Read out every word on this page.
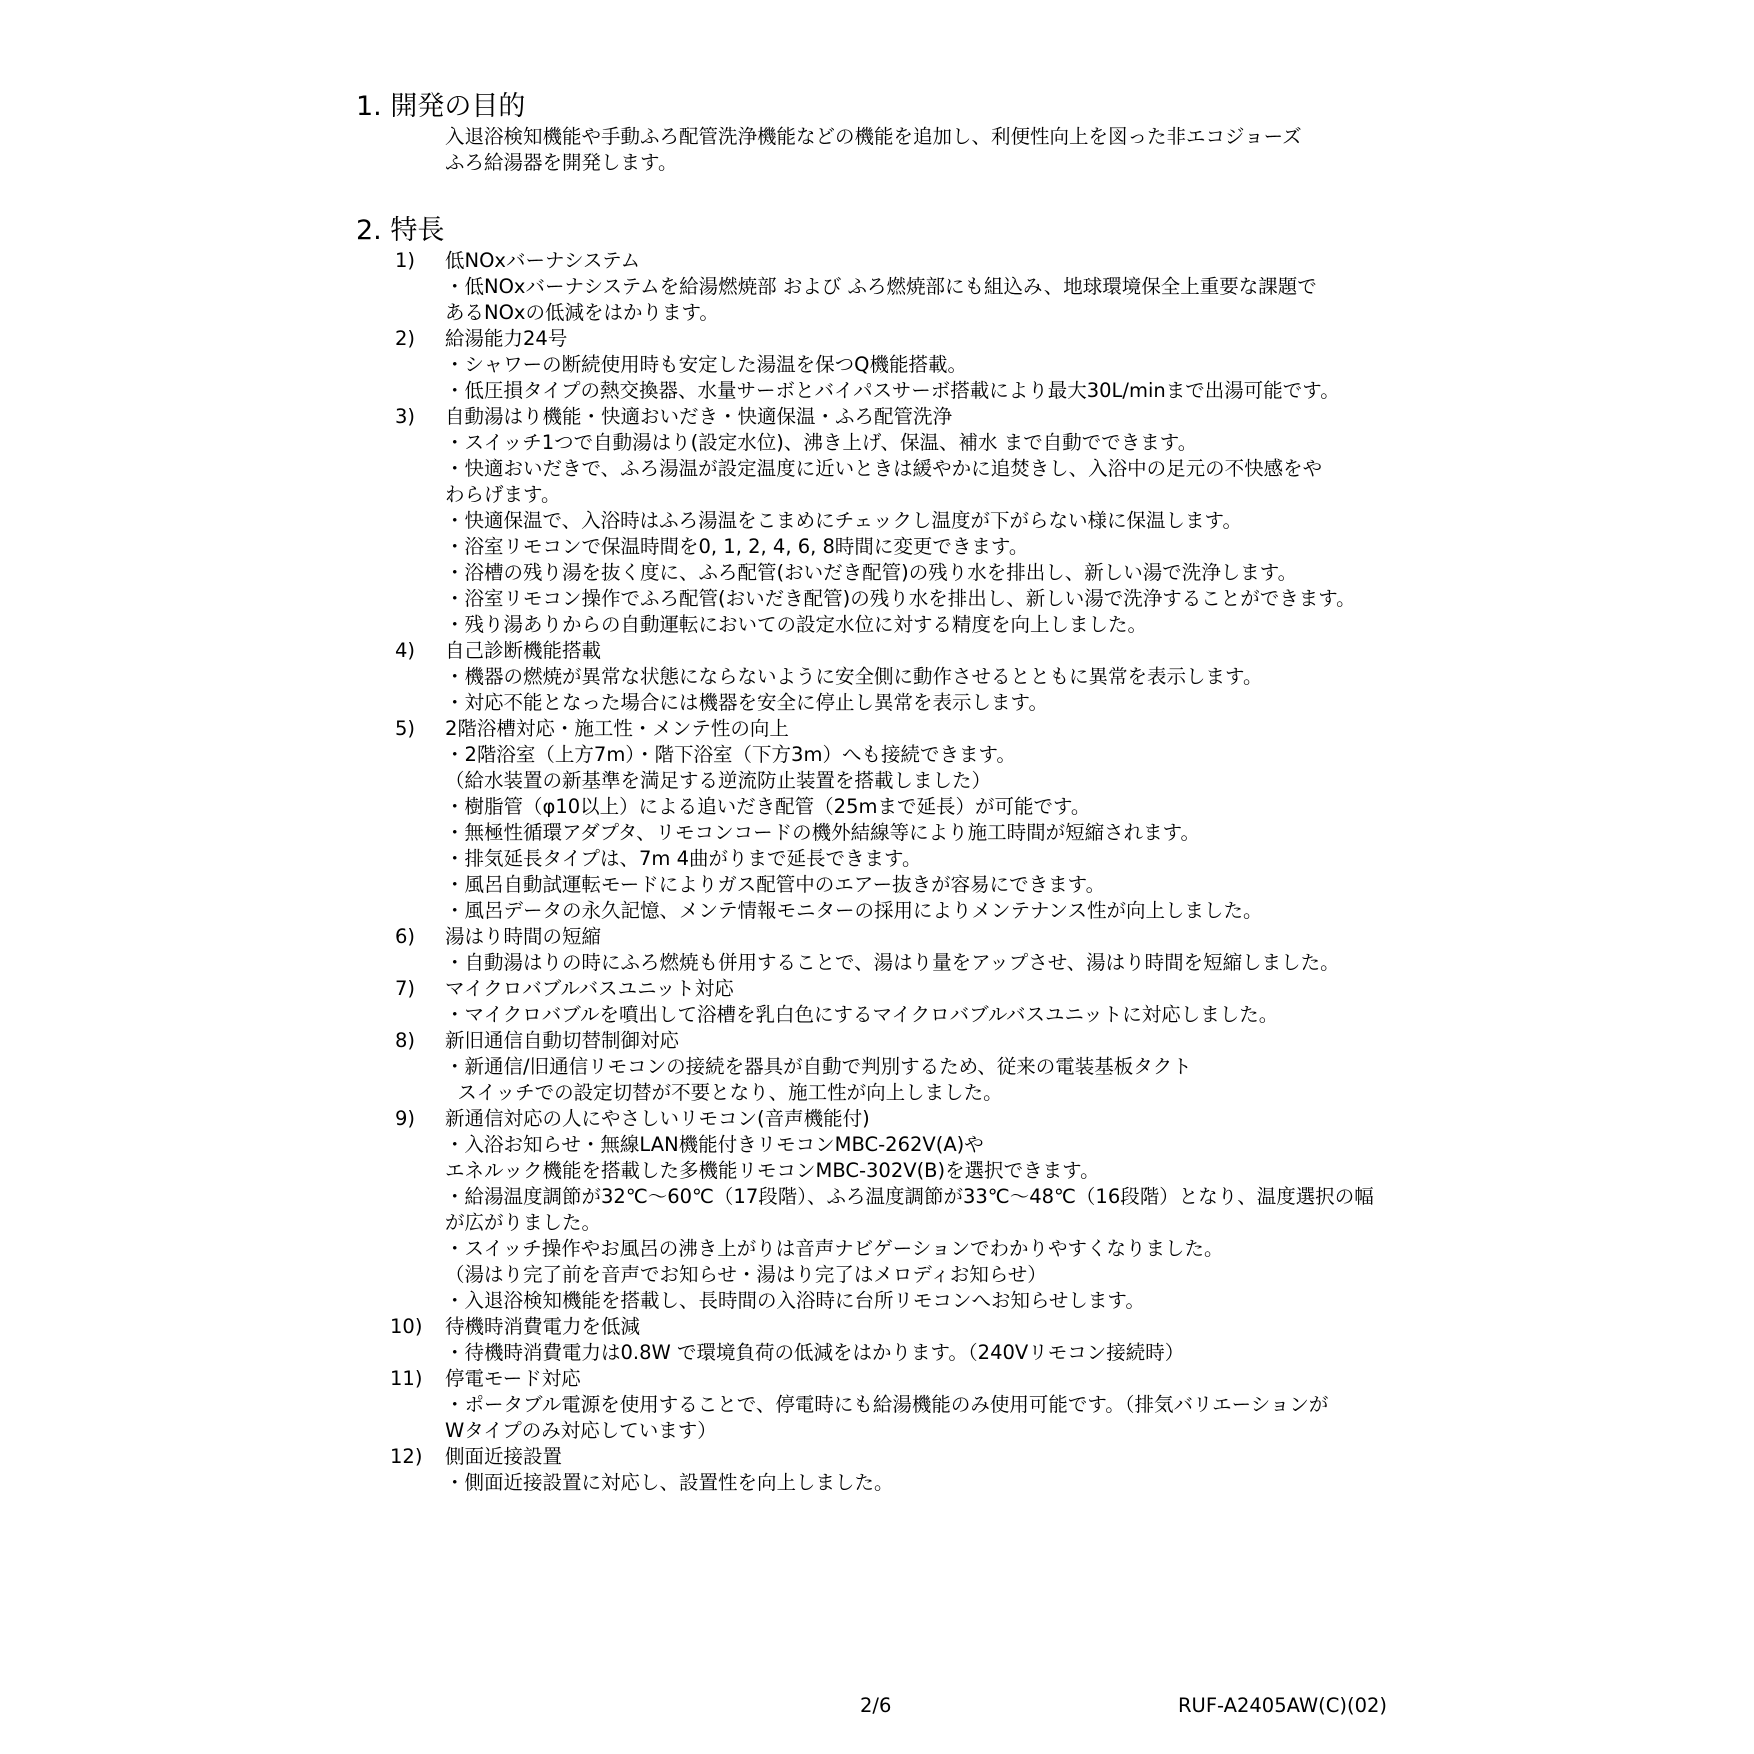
1. 開発の目的
入退浴検知機能や手動ふろ配管洗浄機能などの機能を追加し、利便性向上を図った非エコジョーズ
ふろ給湯器を開発します。
2. 特長
1) 低NOxバーナシステム
・低NOxバーナシステムを給湯燃焼部 および ふろ燃焼部にも組込み、地球環境保全上重要な課題で
あるNOxの低減をはかります。
2) 給湯能力24号
・シャワーの断続使用時も安定した湯温を保つQ機能搭載。
・低圧損タイプの熱交換器、水量サーボとバイパスサーボ搭載により最大30L/minまで出湯可能です。
3) 自動湯はり機能・快適おいだき・快適保温・ふろ配管洗浄
・スイッチ1つで自動湯はり(設定水位)、沸き上げ、保温、補水 まで自動でできます。
・快適おいだきで、ふろ湯温が設定温度に近いときは緩やかに追焚きし、入浴中の足元の不快感をや
わらげます。
・快適保温で、入浴時はふろ湯温をこまめにチェックし温度が下がらない様に保温します。
・浴室リモコンで保温時間を0, 1, 2, 4, 6, 8時間に変更できます。
・浴槽の残り湯を抜く度に、ふろ配管(おいだき配管)の残り水を排出し、新しい湯で洗浄します。
・浴室リモコン操作でふろ配管(おいだき配管)の残り水を排出し、新しい湯で洗浄することができます。
・残り湯ありからの自動運転においての設定水位に対する精度を向上しました。
4) 自己診断機能搭載
・機器の燃焼が異常な状態にならないように安全側に動作させるとともに異常を表示します。
・対応不能となった場合には機器を安全に停止し異常を表示します。
5) 2階浴槽対応・施工性・メンテ性の向上
・2階浴室（上方7m）・階下浴室（下方3m）へも接続できます。
（給水装置の新基準を満足する逆流防止装置を搭載しました）
・樹脂管（φ10以上）による追いだき配管（25mまで延長）が可能です。
・無極性循環アダプタ、リモコンコードの機外結線等により施工時間が短縮されます。
・排気延長タイプは、7m 4曲がりまで延長できます。
・風呂自動試運転モードによりガス配管中のエアー抜きが容易にできます。
・風呂データの永久記憶、メンテ情報モニターの採用によりメンテナンス性が向上しました。
6) 湯はり時間の短縮
・自動湯はりの時にふろ燃焼も併用することで、湯はり量をアップさせ、湯はり時間を短縮しました。
7) マイクロバブルバスユニット対応
・マイクロバブルを噴出して浴槽を乳白色にするマイクロバブルバスユニットに対応しました。
8) 新旧通信自動切替制御対応
・新通信/旧通信リモコンの接続を器具が自動で判別するため、従来の電装基板タクト
スイッチでの設定切替が不要となり、施工性が向上しました。
9) 新通信対応の人にやさしいリモコン(音声機能付)
・入浴お知らせ・無線LAN機能付きリモコンMBC-262V(A)や
エネルック機能を搭載した多機能リモコンMBC-302V(B)を選択できます。
・給湯温度調節が32℃～60℃（17段階）、ふろ温度調節が33℃～48℃（16段階）となり、温度選択の幅
が広がりました。
・スイッチ操作やお風呂の沸き上がりは音声ナビゲーションでわかりやすくなりました。
（湯はり完了前を音声でお知らせ・湯はり完了はメロディお知らせ）
・入退浴検知機能を搭載し、長時間の入浴時に台所リモコンへお知らせします。
10) 待機時消費電力を低減
・待機時消費電力は0.8W で環境負荷の低減をはかります。（240Vリモコン接続時）
11) 停電モード対応
・ポータブル電源を使用することで、停電時にも給湯機能のみ使用可能です。（排気バリエーションが
Wタイプのみ対応しています）
12) 側面近接設置
・側面近接設置に対応し、設置性を向上しました。
2/6	RUF-A2405AW(C)(02)
